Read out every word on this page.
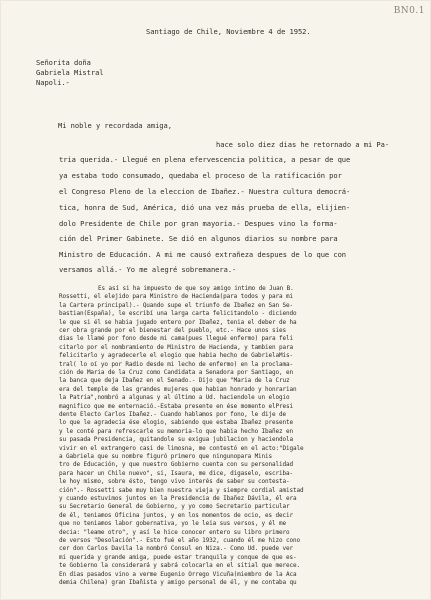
BN0.1
Santiago de Chile, Noviembre 4 de 1952.
Señorita doña
Gabriela Mistral
Napoli.-
Mi noble y recordada amiga,
hace solo diez dias he retornado a mi Pa-
tria querida.- Llegué en plena efervescencia politica, a pesar de que
ya estaba todo consumado, quedaba el proceso de la ratificación por
el Congreso Pleno de la eleccion de Ibañez.- Nuestra cultura democrá-
tica, honra de Sud, América, dió una vez más prueba de ella, elijien-
dolo Presidente de Chile por gran mayoria.- Despues vino la forma-
ción del Primer Gabinete. Se dió en algunos diarios su nombre para
Ministro de Educación. A mi me causó extrañeza despues de lo que con
versamos allá.- Yo me alegré sobremanera.-
Es así si ha impuesto de que soy amigo intimo de Juan B.
Rossetti, el elejido para Ministro de Hacienda(para todos y para mi
la Cartera principal).- Quando supe el triunfo de Ibañez en San Se-
bastian(España), le escribí una larga carta felicitandolo - diciendo
le que si él se habia jugado entero por Ibañez, tenia el deber de ha
cer obra grande por el bienestar del pueblo, etc.- Hace unos sies
dias le llamé por fono desde mi cama(pues llegué enfermo) para feli
citarlo por el nombramiento de Ministro de Hacienda, y tambien para
felicitarlo y agradecerle el elogio que habia hecho de GabrielaMis-
tral( lo oí yo por Radio desde mi lecho de enfermo) en la proclama-
ción de Maria de la Cruz como Candidata a Senadora por Santiago, en
la banca que deja Ibañez en el Senado.- Dijo que "Maria de la Cruz
era del temple de las grandes mujeres que habian honrado y honrarian
la Patria",nombró a algunas y al último a Ud. haciendole un elogio
magnifico que me enternació.-Estaba presente en ése momento elPresi
dente Electo Carlos Ibañez.- Cuando hablamos por fono, le dije de
lo que le agradecia ése elogio, sabiendo que estaba Ibañez presente
y le conté para refrescarle su memoria-lo que habia hecho Ibañez en
su pasada Presidencia, quitandole su exigua jubilacion y haciendola
vivir en el extrangero casi de limosna, me contestó en el acto:"Digale
a Gabriela que su nombre figuró primero que ningunopara Minis
tro de Educación, y que nuestro Gobierno cuenta con su personalidad
para hacer un Chile nuevo", si, Isaura, me dice, digaselo, escriba-
le hoy mismo, sobre ésto, tengo vivo interés de saber su contesta-
ción".- Rossetti sabe muy bien nuestra vieja y siempre cordial amistad
y cuando estuvimos juntos en la Presidencia de Ibañez Dávila, él era
su Secretario General de Gobierno, y yo como Secretario particular
de él, teniamos Oficina juntos, y en los momentos de ocio, es decir
que no teniamos labor gobernativa, yo le leia sus versos, y él me
decia: "leame otro", y así le hice conocer entero su libro primero
de versos "Desolación".- Esto fué el año 1932, cuando él me hizo cono
cer don Carlos Davila la nombró Consul en Niza.- Como Ud. puede ver
mi querida y grande amiga, puede estar tranquila y conque de que es-
te Gobierno la considerará y sabrá colocarla en el sitial que merece.
En dias pasados vino a verme Eugenio Orrego Vicuña(miembro de la Aca
demia Chilena) gran Ibañista y amigo personal de él, y me contaba qu
